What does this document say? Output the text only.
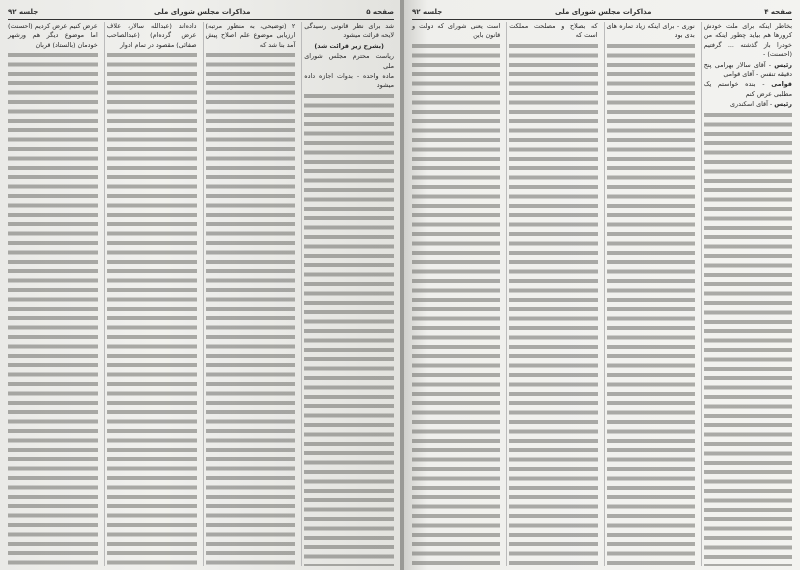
صفحه ۵
مذاکرات مجلس شورای ملی
جلسه ۹۲

شد برای نظر قانونی رسیدگی لایحه قرائت میشود

(بشرح زیر قرائت شد)

ریاست محترم مجلس شورای ملی

ماده واحده - بدوات اجازه داده میشود

۲ (توضیحی، به منظور مرتبه) ارزیابی موضوع علم اصلاح پیش آمد بنا شد که

داده‌اند (عبدالله سالار، علاف عرض گرده‌ام) (عبدالصاحب صفائی) مقصود در تمام ادوار

عرض کنیم عرض کردیم (احسنت) اما موضوع دیگر هم ورشهر خودمان (بالستاد) قربان

صفحه ۴
مذاکرات مجلس شورای ملی
جلسه ۹۲

بخاطر اینکه برای ملت خودش کرورها هم بیاید چطور اینکه من خودرا باز گذشته ... گرفتیم (احسنت) -

رئیس - آقای سالار بهرامی پنج دقیقه تنفس - آقای قوامی

قوامی - بنده خواستم یک مطلبی عرض کنم

رئیس - آقای اسکندری

نوری - برای اینکه زیاد تماره های بدی بود

که بصلاح و مصلحت مملکت است که

است یعنی شورای که دولت و قانون باین
